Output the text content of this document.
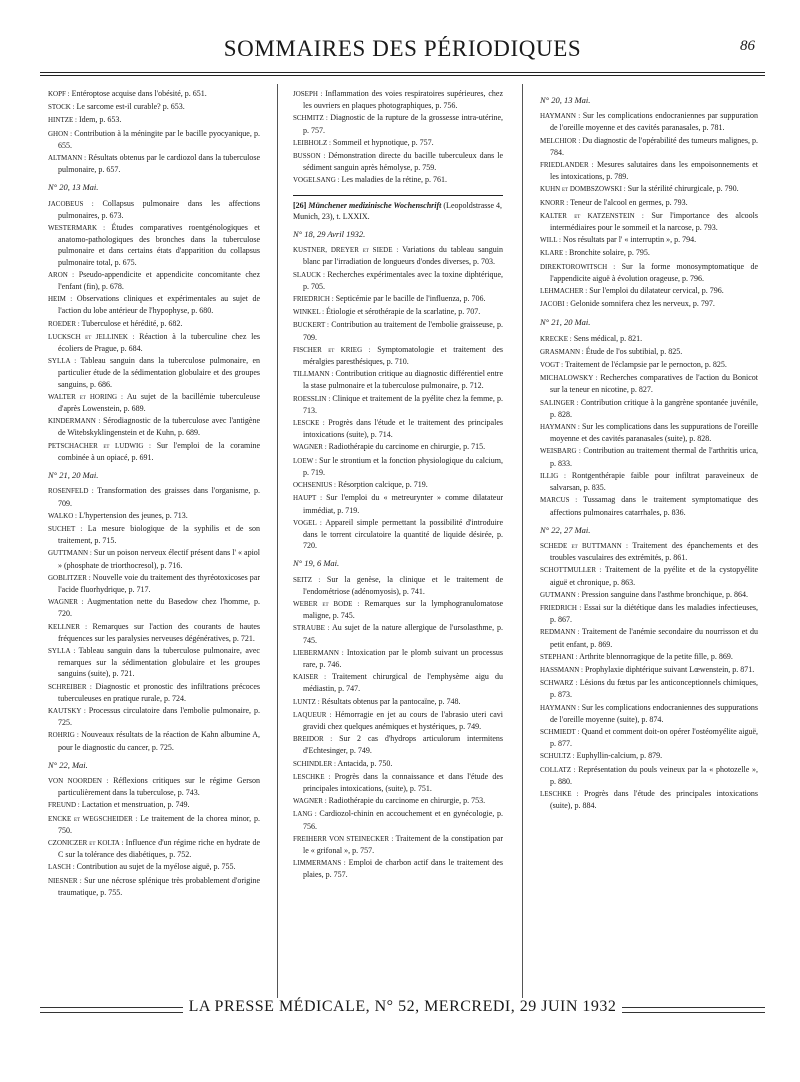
SOMMAIRES DES PÉRIODIQUES	86
KOPF : Entéroptose acquise dans l'obésité, p. 651.
STOCK : Le sarcome est-il curable? p. 653.
HINTZE : Idem, p. 653.
GHON : Contribution à la méningite par le bacille pyocyanique, p. 655.
ALTMANN : Résultats obtenus par le cardiozol dans la tuberculose pulmonaire, p. 657.
N° 20, 13 Mai.
JACOBEUS : Collapsus pulmonaire dans les affections pulmonaires, p. 673.
WESTERMARK : Études comparatives roentgénologiques et anatomo-pathologiques des bronches dans la tuberculose pulmonaire et dans certains états d'apparition du collapsus pulmonaire total, p. 675.
ARON : Pseudo-appendicite et appendicite concomitante chez l'enfant (fin), p. 678.
HEIM : Observations cliniques et expérimentales au sujet de l'action du lobe antérieur de l'hypophyse, p. 680.
ROEDER : Tuberculose et hérédité, p. 682.
LUCKSCH et JELLINEK : Réaction à la tuberculine chez les écoliers de Prague, p. 684.
SYLLA : Tableau sanguin dans la tuberculose pulmonaire, en particulier étude de la sédimentation globulaire et des groupes sanguins, p. 686.
WALTER et HORING : Au sujet de la bacillémie tuberculeuse d'après Lowenstein, p. 689.
KINDERMANN : Sérodiagnostic de la tuberculose avec l'antigène de Witebskyklingenstein et de Kuhn, p. 689.
PETSCHACHER et LUDWIG : Sur l'emploi de la coramine combinée à un opiacé, p. 691.
N° 21, 20 Mai.
ROSENFELD : Transformation des graisses dans l'organisme, p. 709.
WALKO : L'hypertension des jeunes, p. 713.
SUCHET : La mesure biologique de la syphilis et de son traitement, p. 715.
GUTTMANN : Sur un poison nerveux électif présent dans l' « apiol » (phosphate de triorthocresol), p. 716.
GOBLITZER : Nouvelle voie du traitement des thyréotoxicoses par l'acide fluorhydrique, p. 717.
WAGNER : Augmentation nette du Basedow chez l'homme, p. 720.
KELLNER : Remarques sur l'action des courants de hautes fréquences sur les paralysies nerveuses dégénératives, p. 721.
SYLLA : Tableau sanguin dans la tuberculose pulmonaire, avec remarques sur la sédimentation globulaire et les groupes sanguins (suite), p. 721.
SCHREIBER : Diagnostic et pronostic des infiltrations précoces tuberculeuses en pratique rurale, p. 724.
KAUTSKY : Processus circulatoire dans l'embolie pulmonaire, p. 725.
ROHRIG : Nouveaux résultats de la réaction de Kahn albumine A, pour le diagnostic du cancer, p. 725.
N° 22, Mai.
VON NOORDEN : Réflexions critiques sur le régime Gerson particulièrement dans la tuberculose, p. 743.
FREUND : Lactation et menstruation, p. 749.
ENCKE et WEGSCHEIDER : Le traitement de la chorea minor, p. 750.
CZONICZER et KOLTA : Influence d'un régime riche en hydrate de C sur la tolérance des diabétiques, p. 752.
LASCH : Contribution au sujet de la myélose aiguë, p. 755.
NIESNER : Sur une nécrose splénique très probablement d'origine traumatique, p. 755.
JOSEPH : Inflammation des voies respiratoires supérieures, chez les ouvriers en plaques photographiques, p. 756.
SCHMITZ : Diagnostic de la rupture de la grossesse intra-utérine, p. 757.
LEIBHOLZ : Sommeil et hypnotique, p. 757.
BUSSON : Démonstration directe du bacille tuberculeux dans le sédiment sanguin après hémolyse, p. 759.
VOGELSANG : Les maladies de la rétine, p. 761.
[26] Münchener medizinische Wochenschrift (Leopoldstrasse 4, Munich, 23), t. LXXIX.
N° 18, 29 Avril 1932.
KUSTNER, DREYER et SIEDE : Variations du tableau sanguin blanc par l'irradiation de longueurs d'ondes diverses, p. 703.
SLAUCK : Recherches expérimentales avec la toxine diphtérique, p. 705.
FRIEDRICH : Septicémie par le bacille de l'influenza, p. 706.
WINKEL : Étiologie et sérothérapie de la scarlatine, p. 707.
BUCKERT : Contribution au traitement de l'embolie graisseuse, p. 709.
FISCHER et KRIEG : Symptomatologie et traitement des méralgies paresthésiques, p. 710.
TILLMANN : Contribution critique au diagnostic différentiel entre la stase pulmonaire et la tuberculose pulmonaire, p. 712.
ROESSLIN : Clinique et traitement de la pyélite chez la femme, p. 713.
LESCKE : Progrès dans l'étude et le traitement des principales intoxications (suite), p. 714.
WAGNER : Radiothérapie du carcinome en chirurgie, p. 715.
LOEW : Sur le strontium et la fonction physiologique du calcium, p. 719.
OCHSENIUS : Résorption calcique, p. 719.
HAUPT : Sur l'emploi du « metreurynter » comme dilatateur immédiat, p. 719.
VOGEL : Appareil simple permettant la possibilité d'introduire dans le torrent circulatoire la quantité de liquide désirée, p. 720.
N° 19, 6 Mai.
SEITZ : Sur la genèse, la clinique et le traitement de l'endométriose (adénomyosis), p. 741.
WEBER et BODE : Remarques sur la lymphogranulomatose maligne, p. 745.
STRAUBE : Au sujet de la nature allergique de l'ursolasthme, p. 745.
LIEBERMANN : Intoxication par le plomb suivant un processus rare, p. 746.
KAISER : Traitement chirurgical de l'emphysème aigu du médiastin, p. 747.
LUNTZ : Résultats obtenus par la pantocaïne, p. 748.
LAQUEUR : Hémorragie en jet au cours de l'abrasio uteri cavi gravidi chez quelques anémiques et hystériques, p. 749.
BREIDOR : Sur 2 cas d'hydrops articulorum intermitens d'Echtesinger, p. 749.
SCHINDLER : Antacida, p. 750.
LESCHKE : Progrès dans la connaissance et dans l'étude des principales intoxications, (suite), p. 751.
WAGNER : Radiothérapie du carcinome en chirurgie, p. 753.
LANG : Cardiozol-chinin en accouchement et en gynécologie, p. 756.
FREIHERR VON STEINECKER : Traitement de la constipation par le « grifonal », p. 757.
LIMMERMANS : Emploi de charbon actif dans le traitement des plaies, p. 757.
N° 20, 13 Mai.
HAYMANN : Sur les complications endocraniennes par suppuration de l'oreille moyenne et des cavités paranasales, p. 781.
MELCHIOR : Du diagnostic de l'opérabilité des tumeurs malignes, p. 784.
FRIEDLANDER : Mesures salutaires dans les empoisonnements et les intoxications, p. 789.
KUHN et DOMBSZOWSKI : Sur la stérilité chirurgicale, p. 790.
KNORR : Teneur de l'alcool en germes, p. 793.
KALTER et KATZENSTEIN : Sur l'importance des alcools intermédiaires pour le sommeil et la narcose, p. 793.
WILL : Nos résultats par l' « interruptin », p. 794.
KLARE : Bronchite solaire, p. 795.
DIREKTOROWITSCH : Sur la forme monosymptomatique de l'appendicite aiguë à évolution orageuse, p. 796.
LEHMACHER : Sur l'emploi du dilatateur cervical, p. 796.
JACOBI : Gelonide somnifera chez les nerveux, p. 797.
N° 21, 20 Mai.
KRECKE : Sens médical, p. 821.
GRASMANN : Étude de l'os subtibial, p. 825.
VOGT : Traitement de l'éclampsie par le pernocton, p. 825.
MICHALOWSKY : Recherches comparatives de l'action du Bonicot sur la teneur en nicotine, p. 827.
SALINGER : Contribution critique à la gangrène spontanée juvénile, p. 828.
HAYMANN : Sur les complications dans les suppurations de l'oreille moyenne et des cavités paranasales (suite), p. 828.
WEISBARG : Contribution au traitement thermal de l'arthritis urica, p. 833.
ILLIG : Rontgenthérapie faible pour infiltrat paraveineux de salvarsan, p. 835.
MARCUS : Tussamag dans le traitement symptomatique des affections pulmonaires catarrhales, p. 836.
N° 22, 27 Mai.
SCHEDE et BUTTMANN : Traitement des épanchements et des troubles vasculaires des extrémités, p. 861.
SCHOTTMULLER : Traitement de la pyélite et de la cystopyélite aiguë et chronique, p. 863.
GUTMANN : Pression sanguine dans l'asthme bronchique, p. 864.
FRIEDRICH : Essai sur la diététique dans les maladies infectieuses, p. 867.
REDMANN : Traitement de l'anémie secondaire du nourrisson et du petit enfant, p. 869.
STEPHANI : Arthrite blennorragique de la petite fille, p. 869.
HASSMANN : Prophylaxie diphtérique suivant Lœwenstein, p. 871.
SCHWARZ : Lésions du fœtus par les anticonceptionnels chimiques, p. 873.
HAYMANN : Sur les complications endocraniennes des suppurations de l'oreille moyenne (suite), p. 874.
SCHMIEDT : Quand et comment doit-on opérer l'ostéomyélite aiguë, p. 877.
SCHULTZ : Euphyllin-calcium, p. 879.
COLLATZ : Représentation du pouls veineux par la « photozelle », p. 880.
LESCHKE : Progrès dans l'étude des principales intoxications (suite), p. 884.
LA PRESSE MÉDICALE, N° 52, MERCREDI, 29 JUIN 1932
